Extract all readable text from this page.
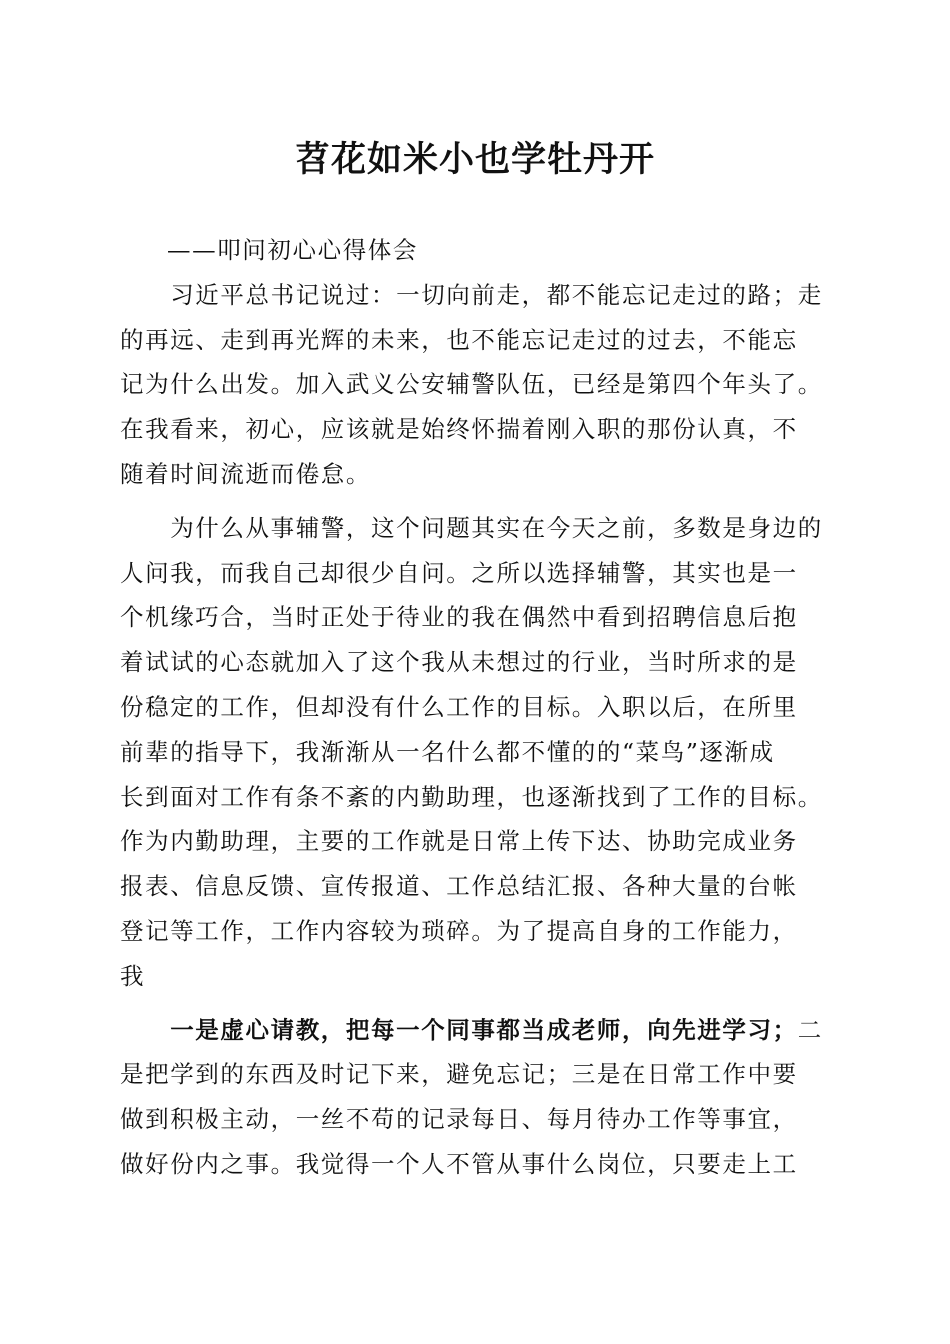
苕花如米小也学牡丹开
——叩问初心心得体会
　　习近平总书记说过：一切向前走，都不能忘记走过的路；走
的再远、走到再光辉的未来，也不能忘记走过的过去，不能忘
记为什么出发。加入武义公安辅警队伍，已经是第四个年头了。
在我看来，初心，应该就是始终怀揣着刚入职的那份认真，不
随着时间流逝而倦怠。
　　为什么从事辅警，这个问题其实在今天之前，多数是身边的
人问我，而我自己却很少自问。之所以选择辅警，其实也是一
个机缘巧合，当时正处于待业的我在偶然中看到招聘信息后抱
着试试的心态就加入了这个我从未想过的行业，当时所求的是
份稳定的工作，但却没有什么工作的目标。入职以后，在所里
前辈的指导下，我渐渐从一名什么都不懂的的“菜鸟”逐渐成
长到面对工作有条不紊的内勤助理，也逐渐找到了工作的目标。
作为内勤助理，主要的工作就是日常上传下达、协助完成业务
报表、信息反馈、宣传报道、工作总结汇报、各种大量的台帐
登记等工作，工作内容较为琐碎。为了提高自身的工作能力，
我
　　一是虚心请教，把每一个同事都当成老师，向先进学习；二
是把学到的东西及时记下来，避免忘记；三是在日常工作中要
做到积极主动，一丝不苟的记录每日、每月待办工作等事宜，
做好份内之事。我觉得一个人不管从事什么岗位，只要走上工
